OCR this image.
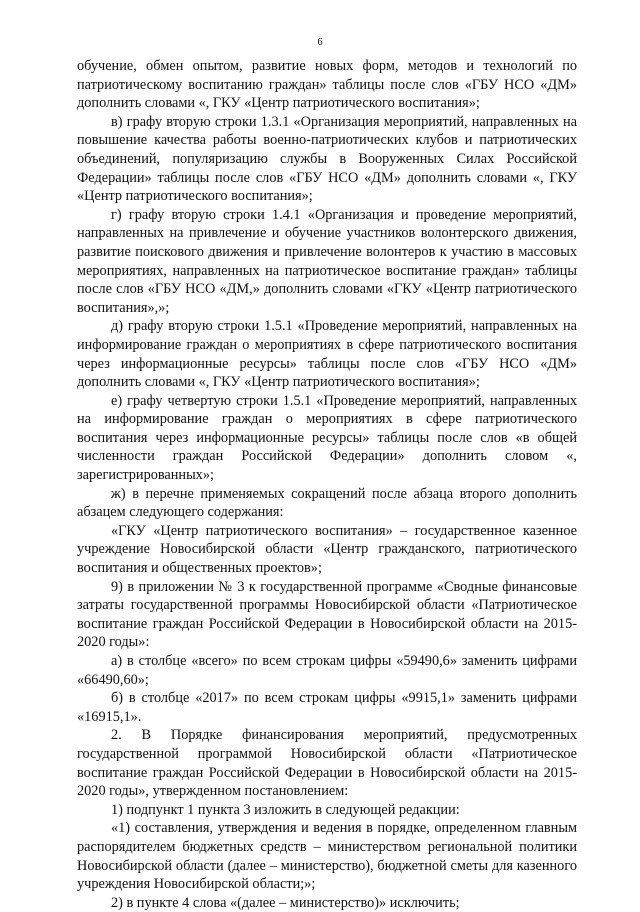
6

обучение, обмен опытом, развитие новых форм, методов и технологий по патриотическому воспитанию граждан» таблицы после слов «ГБУ НСО «ДМ» дополнить словами «, ГКУ «Центр патриотического воспитания»;

в) графу вторую строки 1.3.1 «Организация мероприятий, направленных на повышение качества работы военно-патриотических клубов и патриотических объединений, популяризацию службы в Вооруженных Силах Российской Федерации» таблицы после слов «ГБУ НСО «ДМ» дополнить словами «, ГКУ «Центр патриотического воспитания»;

г) графу вторую строки 1.4.1 «Организация и проведение мероприятий, направленных на привлечение и обучение участников волонтерского движения, развитие поискового движения и привлечение волонтеров к участию в массовых мероприятиях, направленных на патриотическое воспитание граждан» таблицы после слов «ГБУ НСО «ДМ,» дополнить словами «ГКУ «Центр патриотического воспитания»,»;

д) графу вторую строки 1.5.1 «Проведение мероприятий, направленных на информирование граждан о мероприятиях в сфере патриотического воспитания через информационные ресурсы» таблицы после слов «ГБУ НСО «ДМ» дополнить словами «, ГКУ «Центр патриотического воспитания»;

е) графу четвертую строки 1.5.1 «Проведение мероприятий, направленных на информирование граждан о мероприятиях в сфере патриотического воспитания через информационные ресурсы» таблицы после слов «в общей численности граждан Российской Федерации» дополнить словом «, зарегистрированных»;

ж) в перечне применяемых сокращений после абзаца второго дополнить абзацем следующего содержания:

«ГКУ «Центр патриотического воспитания» – государственное казенное учреждение Новосибирской области «Центр гражданского, патриотического воспитания и общественных проектов»;

9) в приложении № 3 к государственной программе «Сводные финансовые затраты государственной программы Новосибирской области «Патриотическое воспитание граждан Российской Федерации в Новосибирской области на 2015-2020 годы»:

а) в столбце «всего» по всем строкам цифры «59490,6» заменить цифрами «66490,60»;

б) в столбце «2017» по всем строкам цифры «9915,1» заменить цифрами «16915,1».

2. В Порядке финансирования мероприятий, предусмотренных государственной программой Новосибирской области «Патриотическое воспитание граждан Российской Федерации в Новосибирской области на 2015-2020 годы», утвержденном постановлением:

1) подпункт 1 пункта 3 изложить в следующей редакции:

«1) составления, утверждения и ведения в порядке, определенном главным распорядителем бюджетных средств – министерством региональной политики Новосибирской области (далее – министерство), бюджетной сметы для казенного учреждения Новосибирской области;»;

2) в пункте 4 слова «(далее – министерство)» исключить;
